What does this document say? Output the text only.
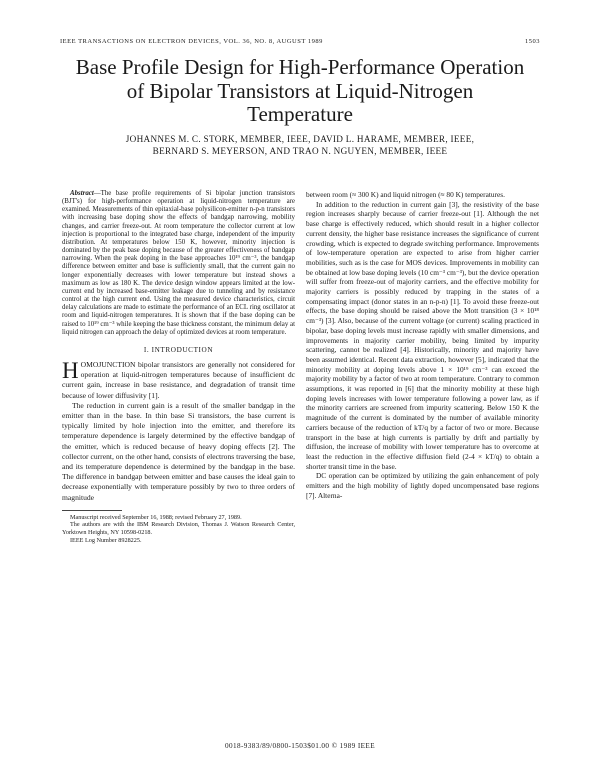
IEEE TRANSACTIONS ON ELECTRON DEVICES, VOL. 36, NO. 8, AUGUST 1989	1503
Base Profile Design for High-Performance Operation
of Bipolar Transistors at Liquid-Nitrogen
Temperature
JOHANNES M. C. STORK, MEMBER, IEEE, DAVID L. HARAME, MEMBER, IEEE,
BERNARD S. MEYERSON, AND TRAO N. NGUYEN, MEMBER, IEEE
Abstract—The base profile requirements of Si bipolar junction transistors (BJT's) for high-performance operation at liquid-nitrogen temperature are examined. Measurements of thin epitaxial-base polysilicon-emitter n-p-n transistors with increasing base doping show the effects of bandgap narrowing, mobility changes, and carrier freeze-out. At room temperature the collector current at low injection is proportional to the integrated base charge, independent of the impurity distribution. At temperatures below 150 K, however, minority injection is dominated by the peak base doping because of the greater effectiveness of bandgap narrowing. When the peak doping in the base approaches 10¹⁹ cm⁻³, the bandgap difference between emitter and base is sufficiently small, that the current gain no longer exponentially decreases with lower temperature but instead shows a maximum as low as 180 K. The device design window appears limited at the low-current end by increased base-emitter leakage due to tunneling and by resistance control at the high current end. Using the measured device characteristics, circuit delay calculations are made to estimate the performance of an ECL ring oscillator at room and liquid-nitrogen temperatures. It is shown that if the base doping can be raised to 10¹⁹ cm⁻³ while keeping the base thickness constant, the minimum delay at liquid nitrogen can approach the delay of optimized devices at room temperature.
I. INTRODUCTION

HOMOJUNCTION bipolar transistors are generally not considered for operation at liquid-nitrogen temperatures because of insufficient dc current gain, increase in base resistance, and degradation of transit time because of lower diffusivity [1].

The reduction in current gain is a result of the smaller bandgap in the emitter than in the base. In thin base Si transistors, the base current is typically limited by hole injection into the emitter, and therefore its temperature dependence is largely determined by the effective bandgap of the emitter, which is reduced because of heavy doping effects [2]. The collector current, on the other hand, consists of electrons traversing the base, and its temperature dependence is determined by the bandgap in the base. The difference in bandgap between emitter and base causes the ideal gain to decrease exponentially with temperature possibly by two to three orders of magnitude

Manuscript received September 16, 1988; revised February 27, 1989.
The authors are with the IBM Research Division, Thomas J. Watson Research Center, Yorktown Heights, NY 10598-0218.
IEEE Log Number 8928225.

between room (≈ 300 K) and liquid nitrogen (≈ 80 K) temperatures.

In addition to the reduction in current gain [3], the resistivity of the base region increases sharply because of carrier freeze-out [1]. Although the net base charge is effectively reduced, which should result in a higher collector current density, the higher base resistance increases the significance of current crowding, which is expected to degrade switching performance. Improvements of low-temperature operation are expected to arise from higher carrier mobilities, such as is the case for MOS devices. Improvements in mobility can be obtained at low base doping levels (10 cm⁻³ cm⁻³), but the device operation will suffer from freeze-out of majority carriers, and the effective mobility for majority carriers is possibly reduced by trapping in the states of a compensating impact (donor states in an n-p-n) [1]. To avoid these freeze-out effects, the base doping should be raised above the Mott transition (3 × 10¹⁸ cm⁻³) [3]. Also, because of the current voltage (or current) scaling practiced in bipolar, base doping levels must increase rapidly with smaller dimensions, and improvements in majority carrier mobility, being limited by impurity scattering, cannot be realized [4]. Historically, minority and majority have been assumed identical. Recent data extraction, however [5], indicated that the minority mobility at doping levels above 1 × 10¹⁹ cm⁻³ can exceed the majority mobility by a factor of two at room temperature. Contrary to common assumptions, it was reported in [6] that the minority mobility at these high doping levels increases with lower temperature following a power law, as if the minority carriers are screened from impurity scattering. Below 150 K the magnitude of the current is dominated by the number of available minority carriers because of the reduction of kT/q by a factor of two or more. Because transport in the base at high currents is partially by drift and partially by diffusion, the increase of mobility with lower temperature has to overcome at least the reduction in the effective diffusion field (2-4 × kT/q) to obtain a shorter transit time in the base.

DC operation can be optimized by utilizing the gain enhancement of poly emitters and the high mobility of lightly doped uncompensated base regions [7]. Alterna-

0018-9383/89/0800-1503$01.00 © 1989 IEEE
